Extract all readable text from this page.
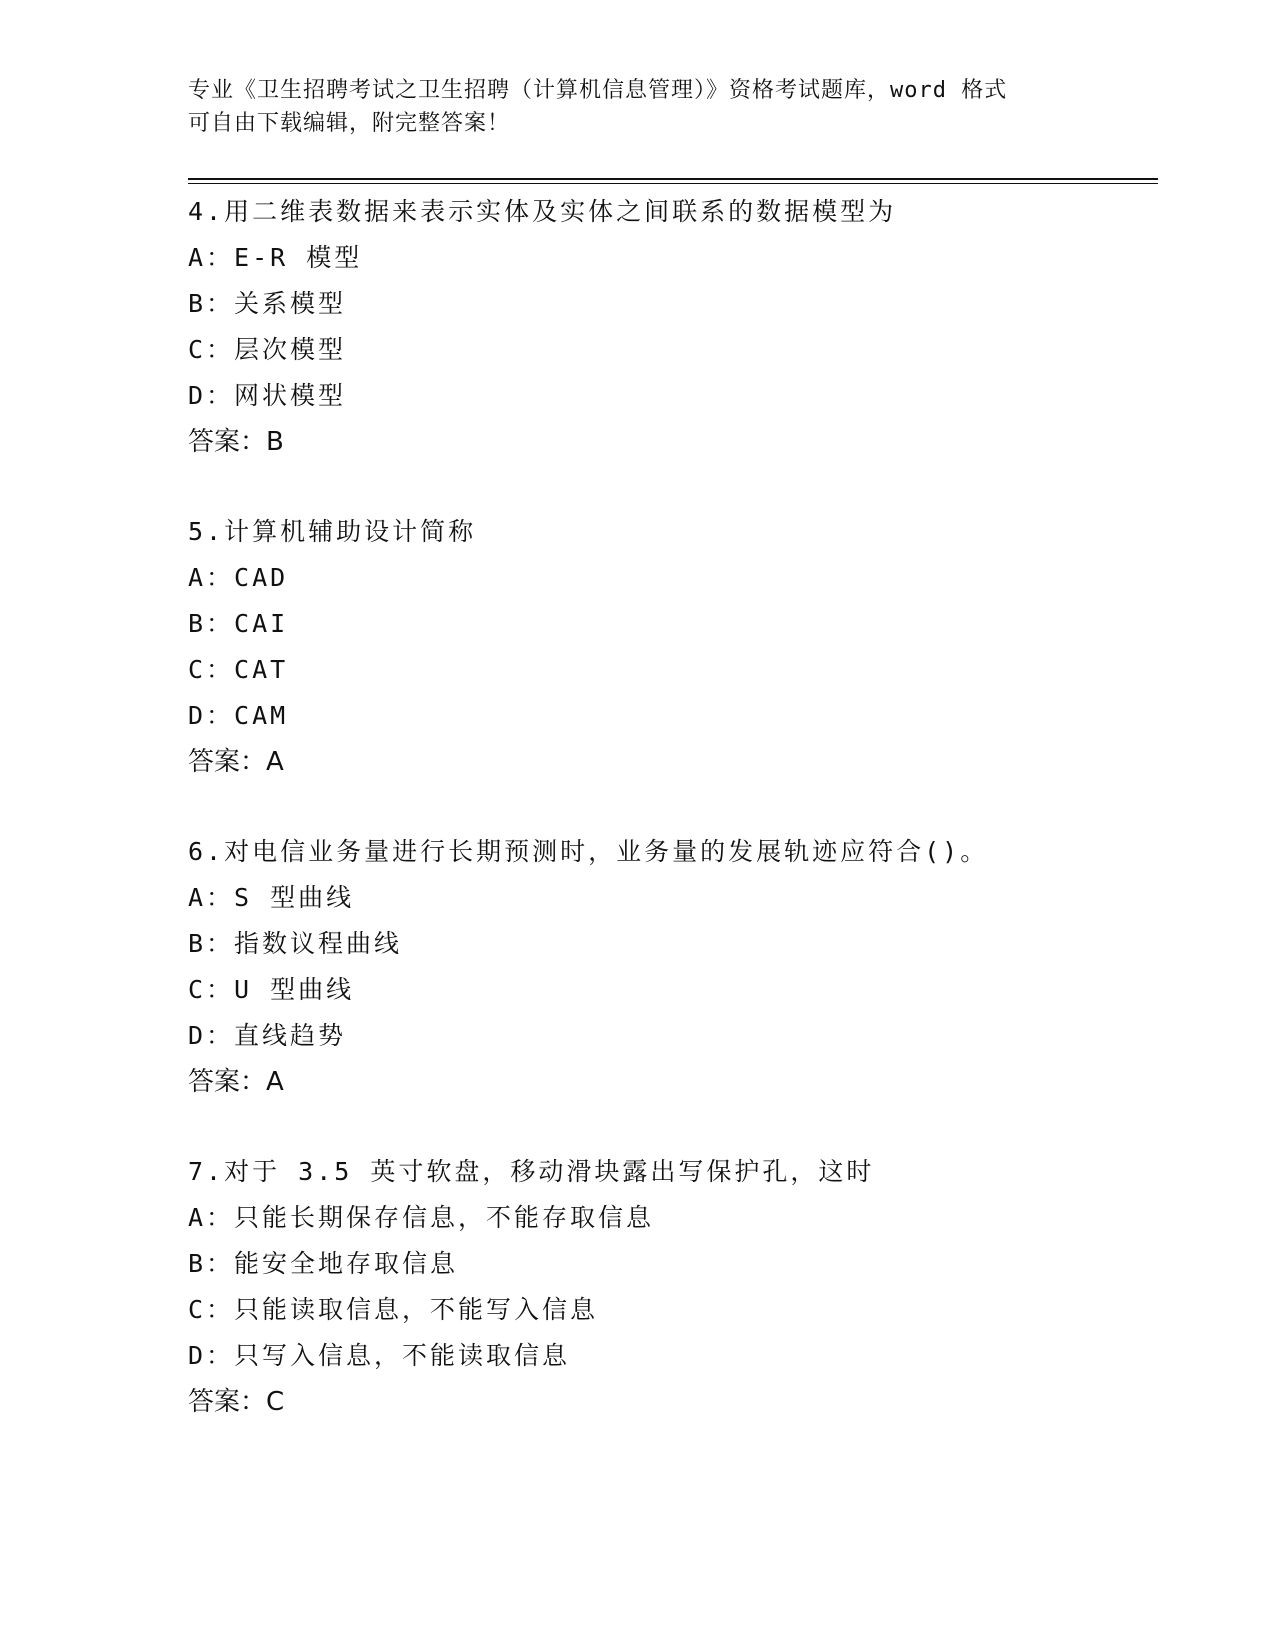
专业《卫生招聘考试之卫生招聘（计算机信息管理）》资格考试题库，word 格式
可自由下载编辑，附完整答案！
4.用二维表数据来表示实体及实体之间联系的数据模型为
A：E-R 模型
B：关系模型
C：层次模型
D：网状模型
答案：B
5.计算机辅助设计简称
A：CAD
B：CAI
C：CAT
D：CAM
答案：A
6.对电信业务量进行长期预测时，业务量的发展轨迹应符合()。
A：S 型曲线
B：指数议程曲线
C：U 型曲线
D：直线趋势
答案：A
7.对于 3.5 英寸软盘，移动滑块露出写保护孔，这时
A：只能长期保存信息，不能存取信息
B：能安全地存取信息
C：只能读取信息，不能写入信息
D：只写入信息，不能读取信息
答案：C
